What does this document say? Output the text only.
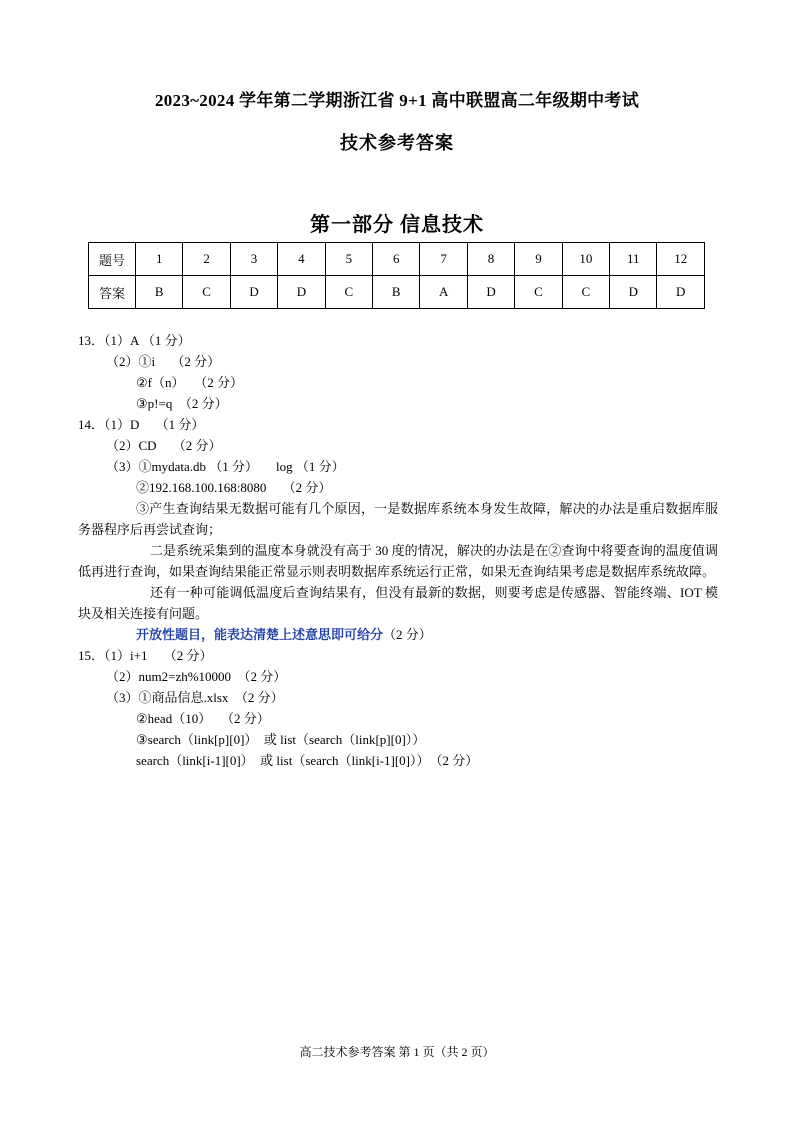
2023~2024 学年第二学期浙江省 9+1 高中联盟高二年级期中考试
技术参考答案
第一部分 信息技术
题号	1	2	3	4	5	6	7	8	9	10	11	12
答案	B	C	D	D	C	B	A	D	C	C	D	D
13．（1）A （1 分）
（2）①i　 （2 分）
②f（n）　 （2 分）
③p!=q　（2 分）
14．（1）D　 （1 分）
（2）CD　 （2 分）
（3）①mydata.db （1 分） log （1 分）
②192.168.100.168:8080　 （2 分）
③产生查询结果无数据可能有几个原因，一是数据库系统本身发生故障，解决的办法是重启数据库服务器程序后再尝试查询；
二是系统采集到的温度本身就没有高于 30 度的情况，解决的办法是在②查询中将要查询的温度值调低再进行查询，如果查询结果能正常显示则表明数据库系统运行正常，如果无查询结果考虑是数据库系统故障。
还有一种可能调低温度后查询结果有，但没有最新的数据，则要考虑是传感器、智能终端、IOT 模块及相关连接有问题。
开放性题目，能表达清楚上述意思即可给分（2 分）
15．（1）i+1　 （2 分）
（2）num2=zh%10000　（2 分）
（3）①商品信息.xlsx　（2 分）
②head（10）　 （2 分）
③search（link[p][0]）　或 list（search（link[p][0]））
search（link[i-1][0]）　或 list（search（link[i-1][0]））　（2 分）
高二技术参考答案 第 1 页（共 2 页）
